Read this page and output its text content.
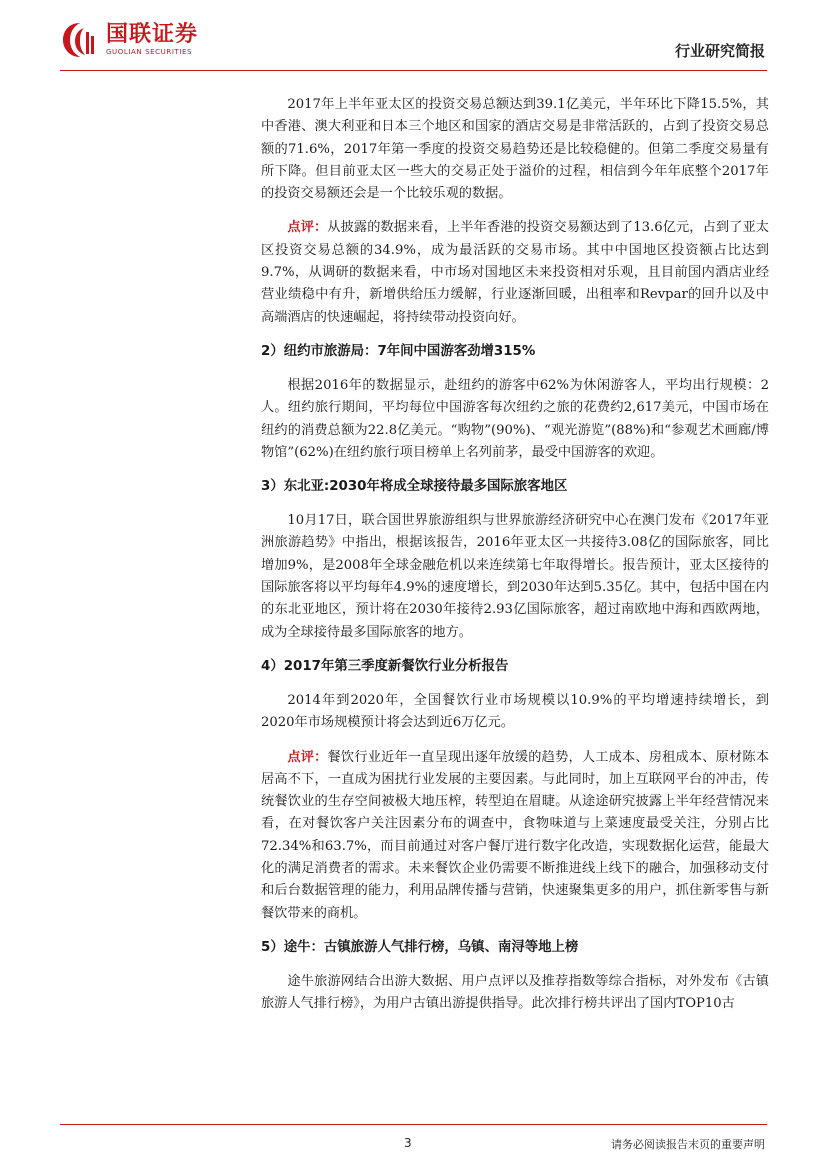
国联证券
GUOLIAN SECURITIES	行业研究简报

2017年上半年亚太区的投资交易总额达到39.1亿美元，半年环比下降15.5%，其中香港、澳大利亚和日本三个地区和国家的酒店交易是非常活跃的，占到了投资交易总额的71.6%，2017年第一季度的投资交易趋势还是比较稳健的。但第二季度交易量有所下降。但目前亚太区一些大的交易正处于溢价的过程，相信到今年年底整个2017年的投资交易额还会是一个比较乐观的数据。

点评：从披露的数据来看，上半年香港的投资交易额达到了13.6亿元，占到了亚太区投资交易总额的34.9%，成为最活跃的交易市场。其中中国地区投资额占比达到9.7%，从调研的数据来看，中市场对国地区未来投资相对乐观，且目前国内酒店业经营业绩稳中有升，新增供给压力缓解，行业逐渐回暖，出租率和Revpar的回升以及中高端酒店的快速崛起，将持续带动投资向好。

2）纽约市旅游局：7年间中国游客劲增315%

根据2016年的数据显示，赴纽约的游客中62%为休闲游客人，平均出行规模：2人。纽约旅行期间，平均每位中国游客每次纽约之旅的花费约2,617美元，中国市场在纽约的消费总额为22.8亿美元。“购物”(90%)、“观光游览”(88%)和“参观艺术画廊/博物馆”(62%)在纽约旅行项目榜单上名列前茅，最受中国游客的欢迎。

3）东北亚:2030年将成全球接待最多国际旅客地区

10月17日，联合国世界旅游组织与世界旅游经济研究中心在澳门发布《2017年亚洲旅游趋势》中指出，根据该报告，2016年亚太区一共接待3.08亿的国际旅客，同比增加9%，是2008年全球金融危机以来连续第七年取得增长。报告预计，亚太区接待的国际旅客将以平均每年4.9%的速度增长，到2030年达到5.35亿。其中，包括中国在内的东北亚地区，预计将在2030年接待2.93亿国际旅客，超过南欧地中海和西欧两地，成为全球接待最多国际旅客的地方。

4）2017年第三季度新餐饮行业分析报告

2014年到2020年，全国餐饮行业市场规模以10.9%的平均增速持续增长，到2020年市场规模预计将会达到近6万亿元。

点评：餐饮行业近年一直呈现出逐年放缓的趋势，人工成本、房租成本、原材陈本居高不下，一直成为困扰行业发展的主要因素。与此同时，加上互联网平台的冲击，传统餐饮业的生存空间被极大地压榨，转型迫在眉睫。从途途研究披露上半年经营情况来看，在对餐饮客户关注因素分布的调查中，食物味道与上菜速度最受关注，分别占比72.34%和63.7%，而目前通过对客户餐厅进行数字化改造，实现数据化运营，能最大化的满足消费者的需求。未来餐饮企业仍需要不断推进线上线下的融合，加强移动支付和后台数据管理的能力，利用品牌传播与营销，快速聚集更多的用户，抓住新零售与新餐饮带来的商机。

5）途牛：古镇旅游人气排行榜，乌镇、南浔等地上榜

途牛旅游网结合出游大数据、用户点评以及推荐指数等综合指标，对外发布《古镇旅游人气排行榜》，为用户古镇出游提供指导。此次排行榜共评出了国内TOP10古

3	请务必阅读报告末页的重要声明
